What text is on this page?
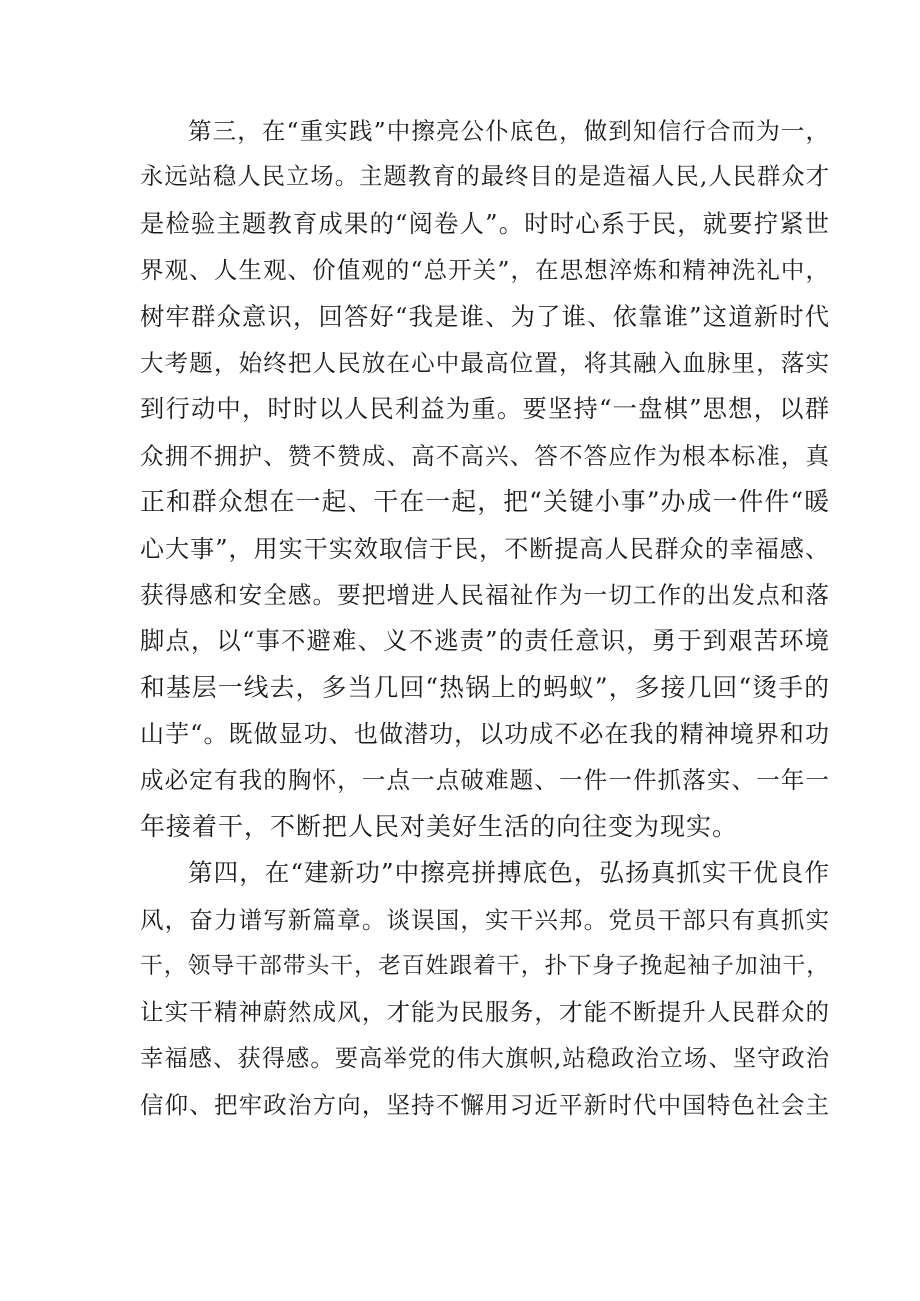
第三，在“重实践”中擦亮公仆底色，做到知信行合而为一，
永远站稳人民立场。主题教育的最终目的是造福人民,人民群众才
是检验主题教育成果的“阅卷人”。时时心系于民，就要拧紧世
界观、人生观、价值观的“总开关”，在思想淬炼和精神洗礼中，
树牢群众意识，回答好“我是谁、为了谁、依靠谁”这道新时代
大考题，始终把人民放在心中最高位置，将其融入血脉里，落实
到行动中，时时以人民利益为重。要坚持“一盘棋”思想，以群
众拥不拥护、赞不赞成、高不高兴、答不答应作为根本标准，真
正和群众想在一起、干在一起，把“关键小事”办成一件件“暖
心大事”，用实干实效取信于民，不断提高人民群众的幸福感、
获得感和安全感。要把增进人民福祉作为一切工作的出发点和落
脚点，以“事不避难、义不逃责”的责任意识，勇于到艰苦环境
和基层一线去，多当几回“热锅上的蚂蚁”，多接几回“烫手的
山芋“。既做显功、也做潜功，以功成不必在我的精神境界和功
成必定有我的胸怀，一点一点破难题、一件一件抓落实、一年一
年接着干，不断把人民对美好生活的向往变为现实。
第四，在“建新功”中擦亮拼搏底色，弘扬真抓实干优良作
风，奋力谱写新篇章。谈误国，实干兴邦。党员干部只有真抓实
干，领导干部带头干，老百姓跟着干，扑下身子挽起袖子加油干，
让实干精神蔚然成风，才能为民服务，才能不断提升人民群众的
幸福感、获得感。要高举党的伟大旗帜,站稳政治立场、坚守政治
信仰、把牢政治方向，坚持不懈用习近平新时代中国特色社会主
